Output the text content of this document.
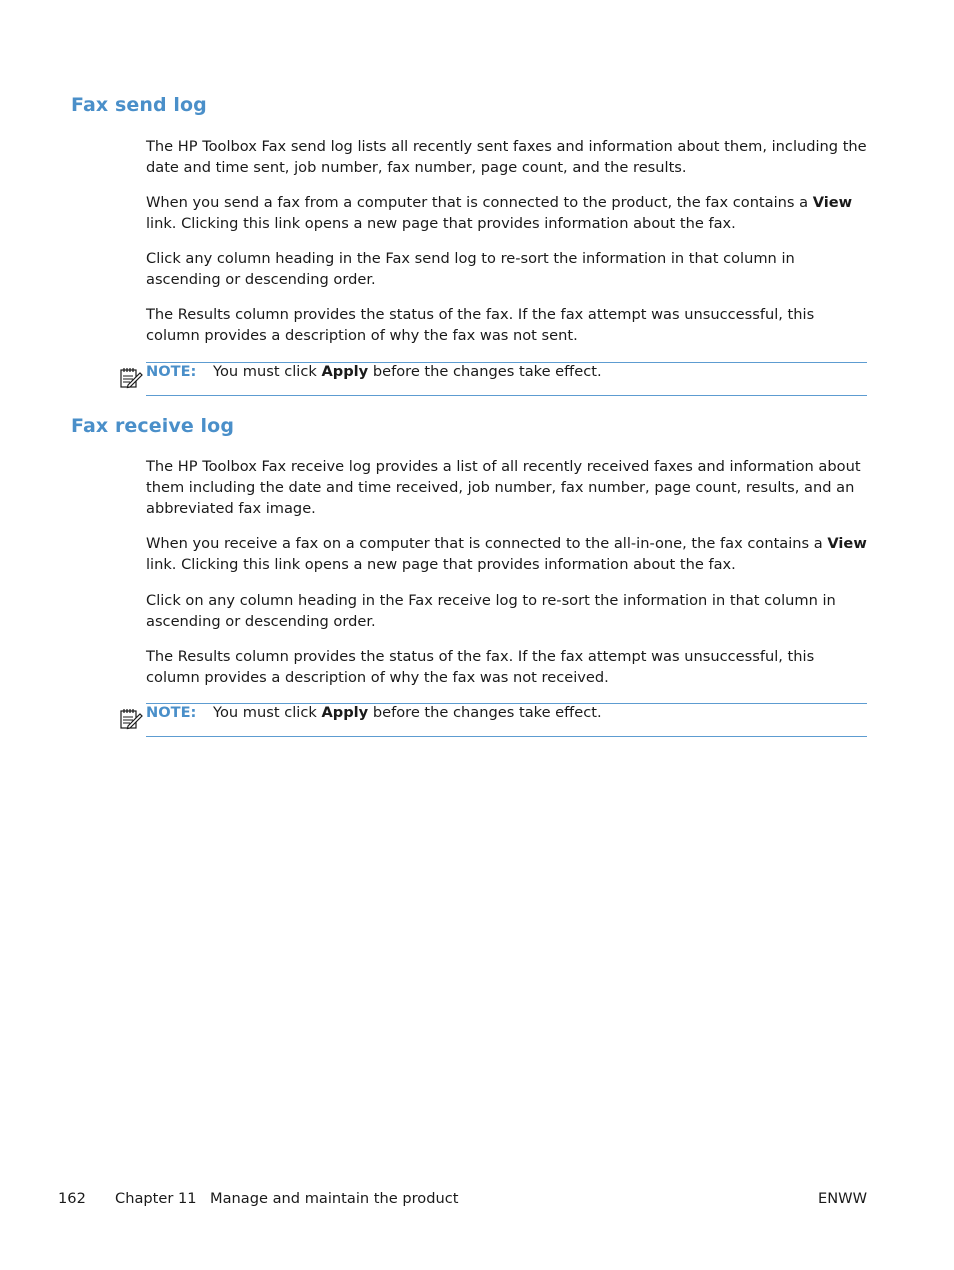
Fax send log

The HP Toolbox Fax send log lists all recently sent faxes and information about them, including the date and time sent, job number, fax number, page count, and the results.

When you send a fax from a computer that is connected to the product, the fax contains a View link. Clicking this link opens a new page that provides information about the fax.

Click any column heading in the Fax send log to re-sort the information in that column in ascending or descending order.

The Results column provides the status of the fax. If the fax attempt was unsuccessful, this column provides a description of why the fax was not sent.

NOTE: You must click Apply before the changes take effect.
Fax receive log

The HP Toolbox Fax receive log provides a list of all recently received faxes and information about them including the date and time received, job number, fax number, page count, results, and an abbreviated fax image.

When you receive a fax on a computer that is connected to the all-in-one, the fax contains a View link. Clicking this link opens a new page that provides information about the fax.

Click on any column heading in the Fax receive log to re-sort the information in that column in ascending or descending order.

The Results column provides the status of the fax. If the fax attempt was unsuccessful, this column provides a description of why the fax was not received.

NOTE: You must click Apply before the changes take effect.
162 Chapter 11 Manage and maintain the product	ENWW
